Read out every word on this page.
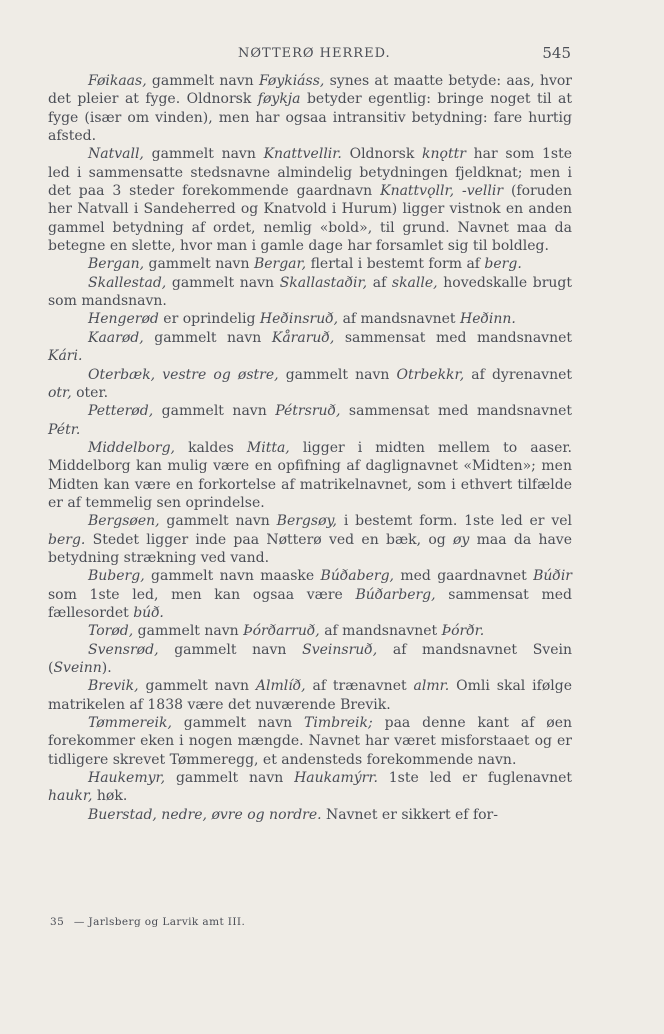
NØTTERØ HERRED.	545

Føikaas, gammelt navn Føykiáss, synes at maatte betyde: aas, hvor det pleier at fyge. Oldnorsk føykja betyder egentlig: bringe noget til at fyge (især om vinden), men har ogsaa intransitiv betydning: fare hurtig afsted.

Natvall, gammelt navn Knattvellir. Oldnorsk knǫttr har som 1ste led i sammensatte stedsnavne almindelig betydningen fjeldknat; men i det paa 3 steder forekommende gaardnavn Knattvǫllr, -vellir (foruden her Natvall i Sandeherred og Knatvold i Hurum) ligger vistnok en anden gammel betydning af ordet, nemlig «bold», til grund. Navnet maa da betegne en slette, hvor man i gamle dage har forsamlet sig til boldleg.

Bergan, gammelt navn Bergar, flertal i bestemt form af berg.

Skallestad, gammelt navn Skallastaðir, af skalle, hovedskalle brugt som mandsnavn.

Hengerød er oprindelig Heðinsruð, af mandsnavnet Heðinn.

Kaarød, gammelt navn Kåraruð, sammensat med mandsnavnet Kári.

Oterbæk, vestre og østre, gammelt navn Otrbekkr, af dyrenavnet otr, oter.

Petterød, gammelt navn Pétrsruð, sammensat med mandsnavnet Pétr.

Middelborg, kaldes Mitta, ligger i midten mellem to aaser. Middelborg kan mulig være en opfifning af daglignavnet «Midten»; men Midten kan være en forkortelse af matrikelnavnet, som i ethvert tilfælde er af temmelig sen oprindelse.

Bergsøen, gammelt navn Bergsøy, i bestemt form. 1ste led er vel berg. Stedet ligger inde paa Nøtterø ved en bæk, og øy maa da have betydning strækning ved vand.

Buberg, gammelt navn maaske Búðaberg, med gaardnavnet Búðir som 1ste led, men kan ogsaa være Búðarberg, sammensat med fællesordet búð.

Torød, gammelt navn Þórðarruð, af mandsnavnet Þórðr.

Svensrød, gammelt navn Sveinsruð, af mandsnavnet Svein (Sveinn).

Brevik, gammelt navn Almlíð, af trænavnet almr. Omli skal ifølge matrikelen af 1838 være det nuværende Brevik.

Tømmereik, gammelt navn Timbreik; paa denne kant af øen forekommer eken i nogen mængde. Navnet har været misforstaaet og er tidligere skrevet Tømmeregg, et andensteds forekommende navn.

Haukemyr, gammelt navn Haukamýrr. 1ste led er fuglenavnet haukr, høk.

Buerstad, nedre, øvre og nordre. Navnet er sikkert ef for-

35 — Jarlsberg og Larvik amt III.
